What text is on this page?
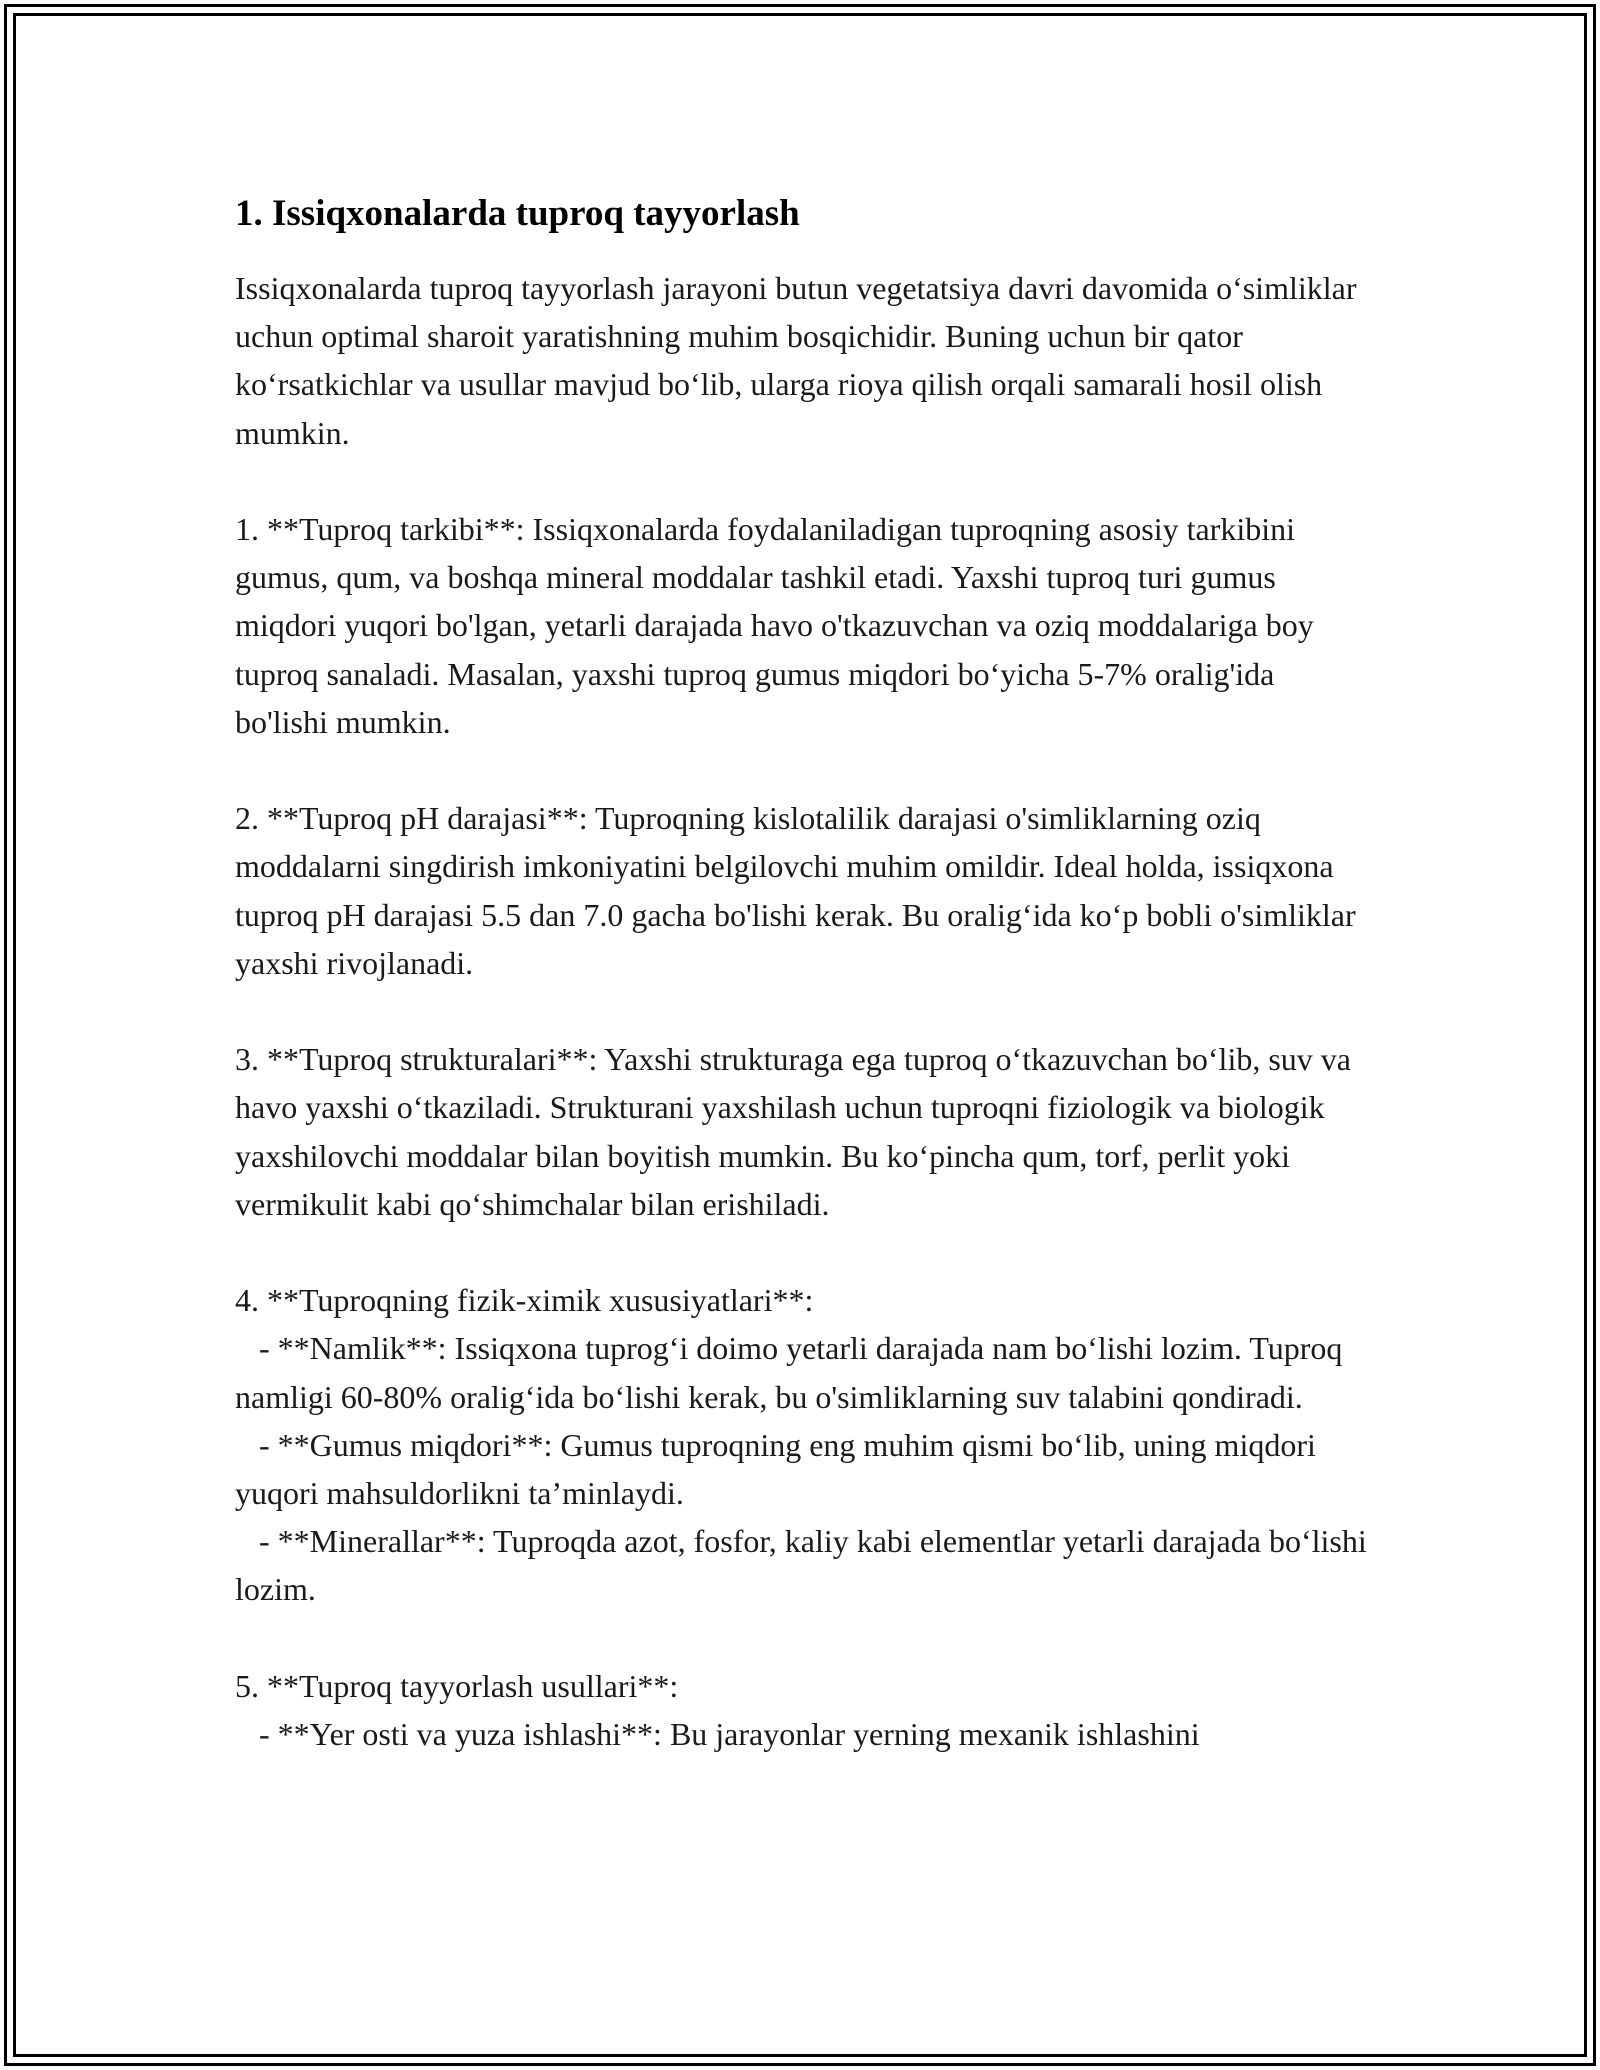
1. Issiqxonalarda tuproq tayyorlash

Issiqxonalarda tuproq tayyorlash jarayoni butun vegetatsiya davri davomida o‘simliklar uchun optimal sharoit yaratishning muhim bosqichidir. Buning uchun bir qator ko‘rsatkichlar va usullar mavjud bo‘lib, ularga rioya qilish orqali samarali hosil olish mumkin.

1. **Tuproq tarkibi**: Issiqxonalarda foydalaniladigan tuproqning asosiy tarkibini gumus, qum, va boshqa mineral moddalar tashkil etadi. Yaxshi tuproq turi gumus miqdori yuqori bo'lgan, yetarli darajada havo o'tkazuvchan va oziq moddalariga boy tuproq sanaladi. Masalan, yaxshi tuproq gumus miqdori bo‘yicha 5-7% oralig'ida bo'lishi mumkin.

2. **Tuproq pH darajasi**: Tuproqning kislotalilik darajasi o'simliklarning oziq moddalarni singdirish imkoniyatini belgilovchi muhim omildir. Ideal holda, issiqxona tuproq pH darajasi 5.5 dan 7.0 gacha bo'lishi kerak. Bu oralig‘ida ko‘p bobli o'simliklar yaxshi rivojlanadi.

3. **Tuproq strukturalari**: Yaxshi strukturaga ega tuproq o‘tkazuvchan bo‘lib, suv va havo yaxshi o‘tkaziladi. Strukturani yaxshilash uchun tuproqni fiziologik va biologik yaxshilovchi moddalar bilan boyitish mumkin. Bu ko‘pincha qum, torf, perlit yoki vermikulit kabi qo‘shimchalar bilan erishiladi.

4. **Tuproqning fizik-ximik xususiyatlari**:
- **Namlik**: Issiqxona tuprog‘i doimo yetarli darajada nam bo‘lishi lozim. Tuproq namligi 60-80% oralig‘ida bo‘lishi kerak, bu o'simliklarning suv talabini qondiradi.
- **Gumus miqdori**: Gumus tuproqning eng muhim qismi bo‘lib, uning miqdori yuqori mahsuldorlikni ta’minlaydi.
- **Minerallar**: Tuproqda azot, fosfor, kaliy kabi elementlar yetarli darajada bo‘lishi lozim.
5. **Tuproq tayyorlash usullari**:
- **Yer osti va yuza ishlashi**: Bu jarayonlar yerning mexanik ishlashini
